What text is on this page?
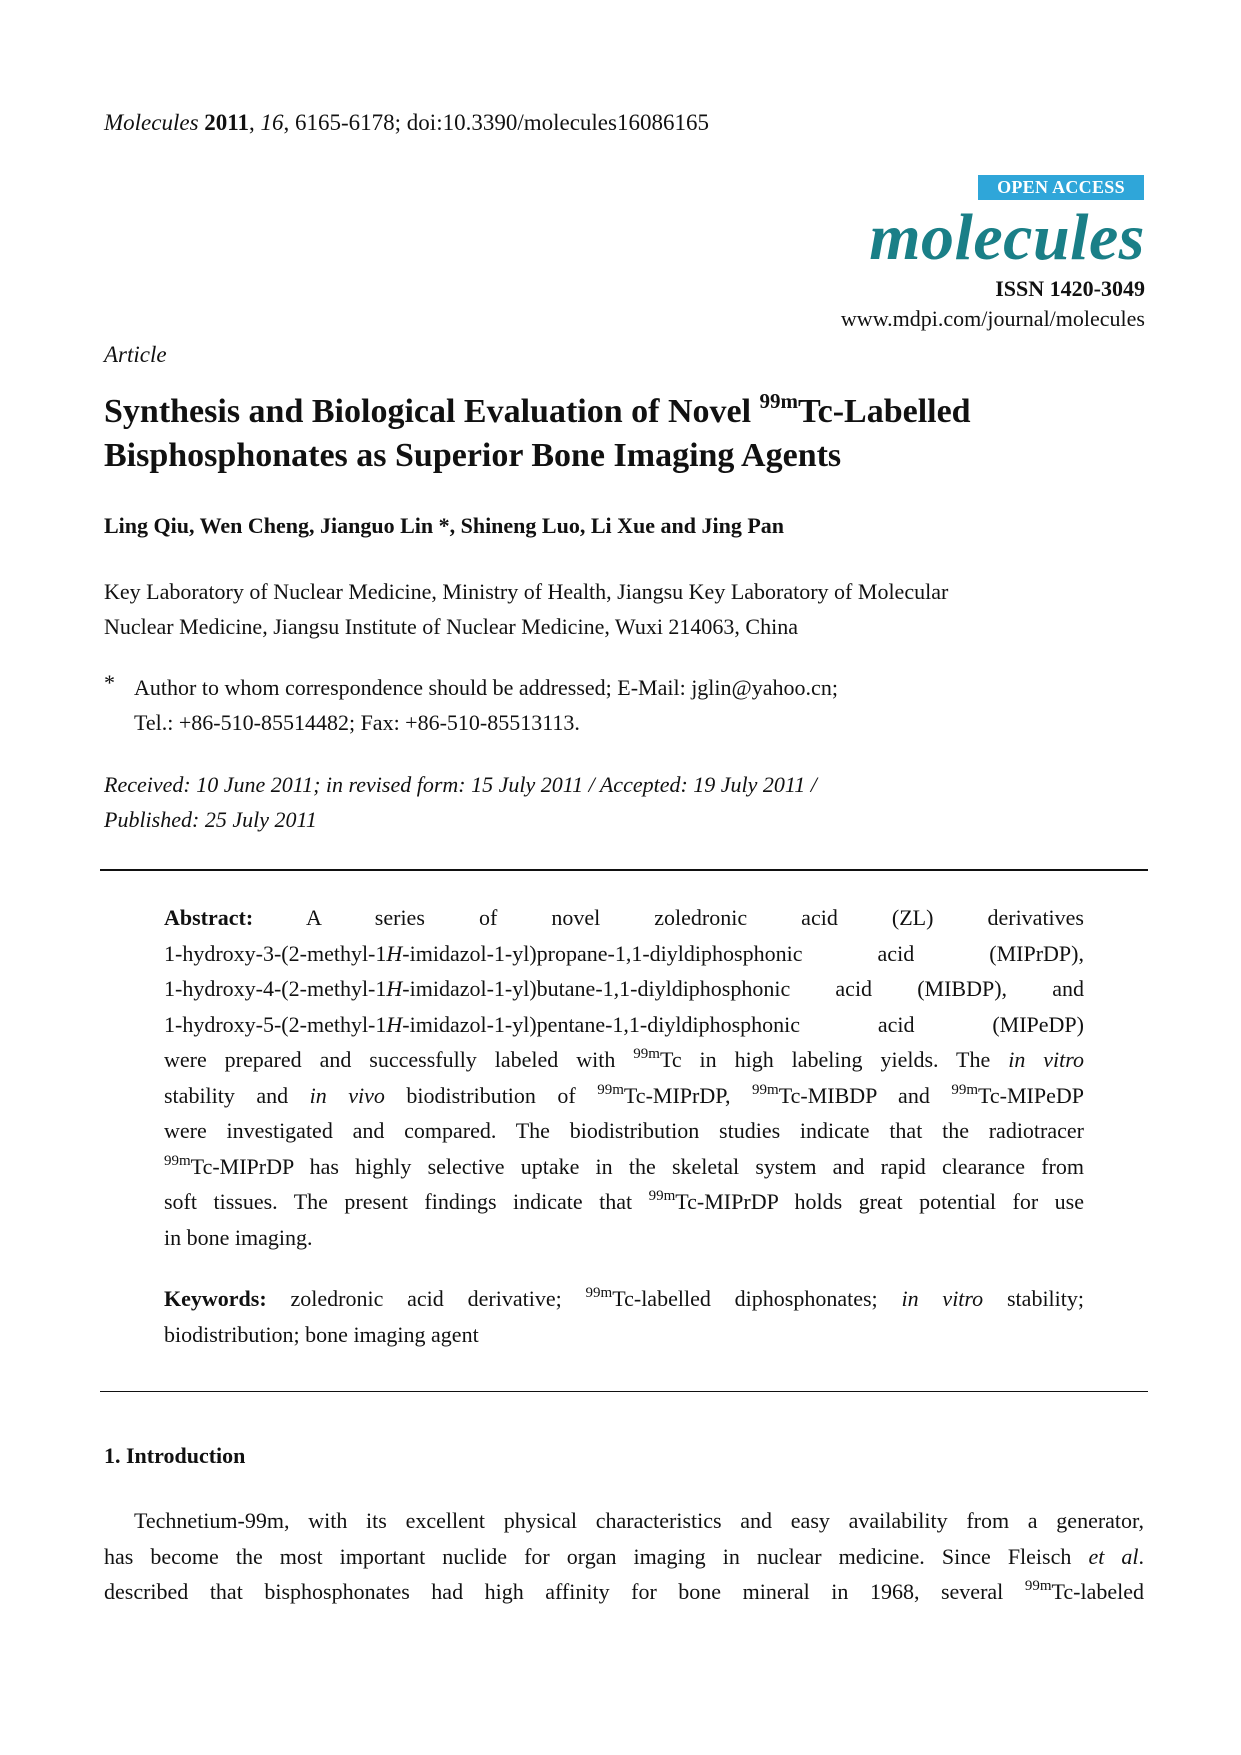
Molecules 2011, 16, 6165-6178; doi:10.3390/molecules16086165
OPEN ACCESS
molecules
ISSN 1420-3049
www.mdpi.com/journal/molecules
Article
Synthesis and Biological Evaluation of Novel $^{99m}$Tc-Labelled
Bisphosphonates as Superior Bone Imaging Agents
Ling Qiu, Wen Cheng, Jianguo Lin *, Shineng Luo, Li Xue and Jing Pan
Key Laboratory of Nuclear Medicine, Ministry of Health, Jiangsu Key Laboratory of Molecular
Nuclear Medicine, Jiangsu Institute of Nuclear Medicine, Wuxi 214063, China
* Author to whom correspondence should be addressed; E-Mail: jglin@yahoo.cn;
Tel.: +86-510-85514482; Fax: +86-510-85513113.
Received: 10 June 2011; in revised form: 15 July 2011 / Accepted: 19 July 2011 /
Published: 25 July 2011
Abstract: A series of novel zoledronic acid (ZL) derivatives
1-hydroxy-3-(2-methyl-1H-imidazol-1-yl)propane-1,1-diyldiphosphonic acid (MIPrDP),
1-hydroxy-4-(2-methyl-1H-imidazol-1-yl)butane-1,1-diyldiphosphonic acid (MIBDP), and
1-hydroxy-5-(2-methyl-1H-imidazol-1-yl)pentane-1,1-diyldiphosphonic acid (MIPeDP)
were prepared and successfully labeled with $^{99m}$Tc in high labeling yields. The in vitro
stability and in vivo biodistribution of $^{99m}$Tc-MIPrDP, $^{99m}$Tc-MIBDP and $^{99m}$Tc-MIPeDP
were investigated and compared. The biodistribution studies indicate that the radiotracer
$^{99m}$Tc-MIPrDP has highly selective uptake in the skeletal system and rapid clearance from
soft tissues. The present findings indicate that $^{99m}$Tc-MIPrDP holds great potential for use
in bone imaging.
Keywords: zoledronic acid derivative; $^{99m}$Tc-labelled diphosphonates; in vitro stability;
biodistribution; bone imaging agent
1. Introduction
Technetium-99m, with its excellent physical characteristics and easy availability from a generator,
has become the most important nuclide for organ imaging in nuclear medicine. Since Fleisch et al.
described that bisphosphonates had high affinity for bone mineral in 1968, several $^{99m}$Tc-labeled
